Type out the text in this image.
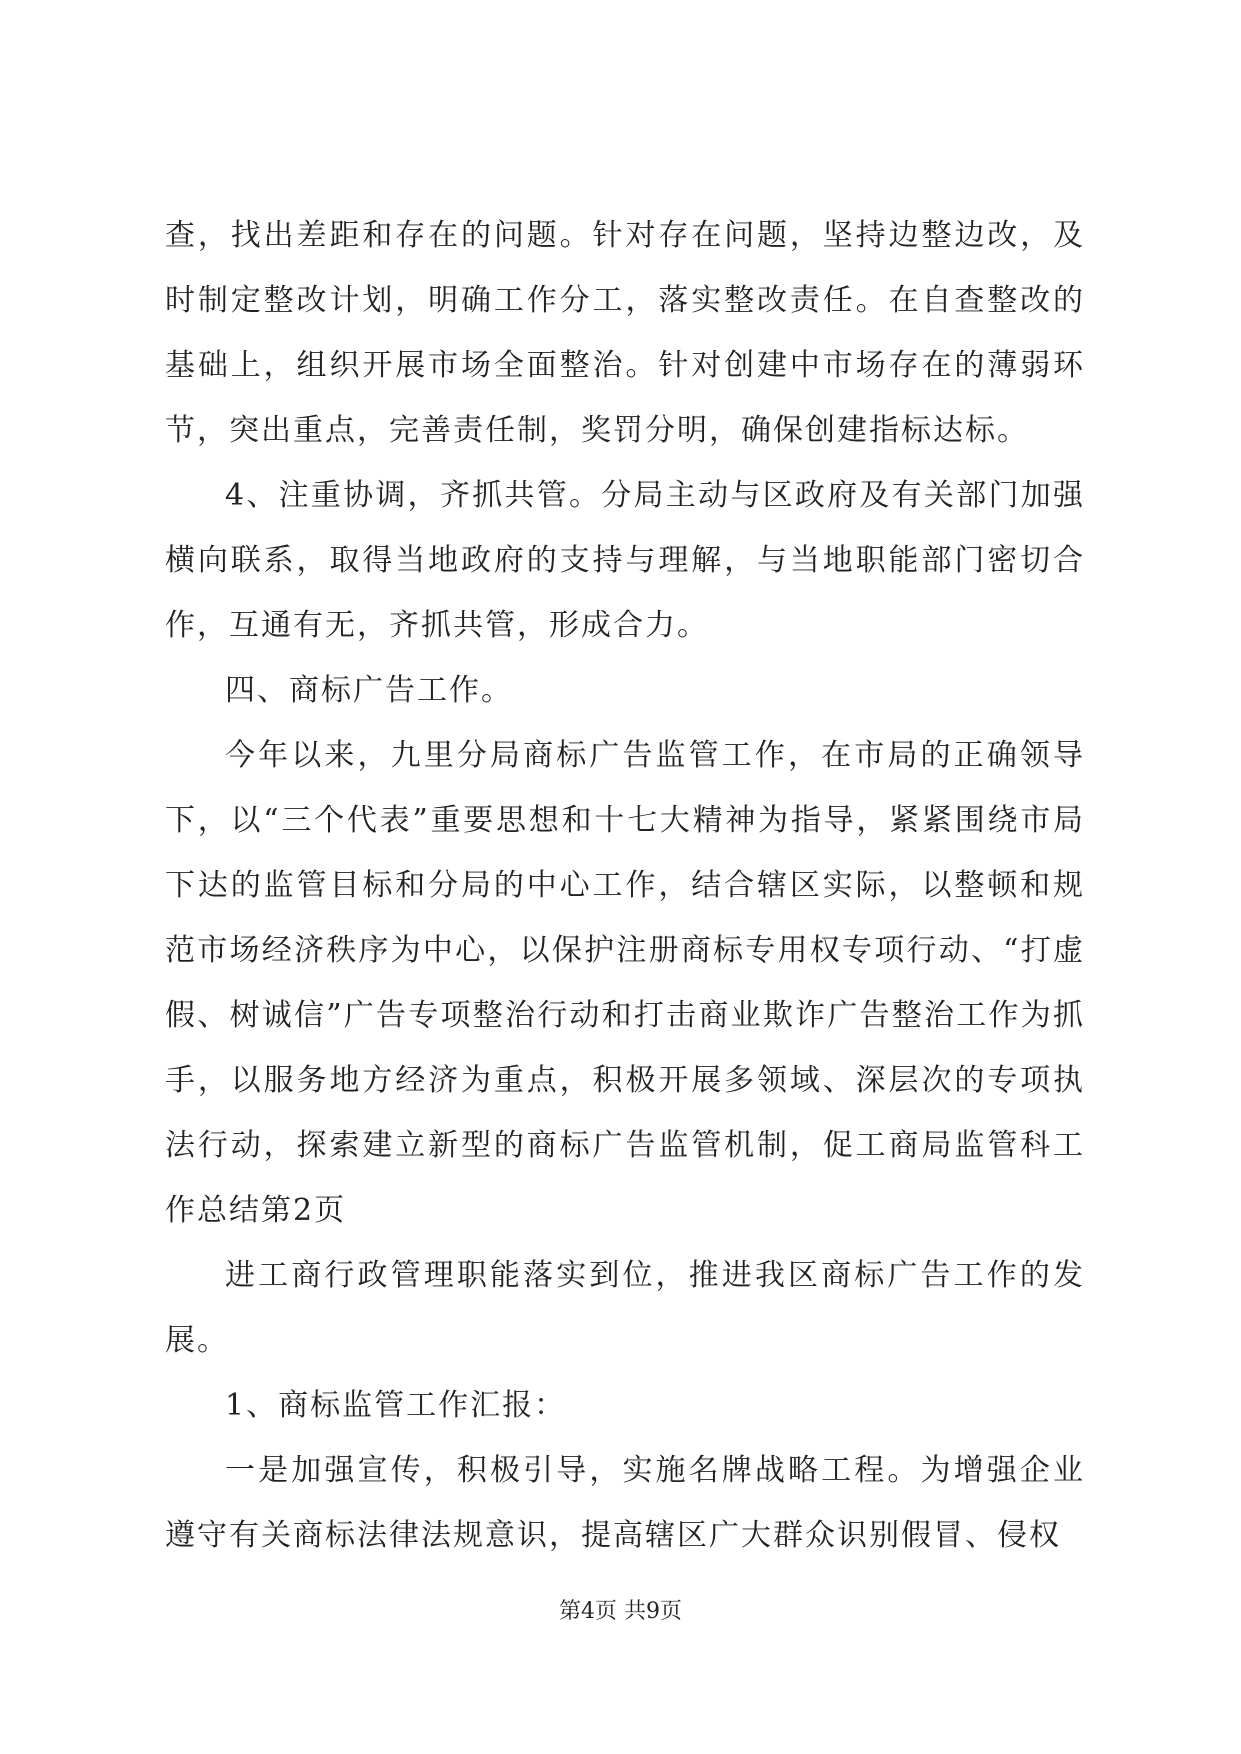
查，找出差距和存在的问题。针对存在问题，坚持边整边改，及时制定整改计划，明确工作分工，落实整改责任。在自查整改的基础上，组织开展市场全面整治。针对创建中市场存在的薄弱环节，突出重点，完善责任制，奖罚分明，确保创建指标达标。

4、注重协调，齐抓共管。分局主动与区政府及有关部门加强横向联系，取得当地政府的支持与理解，与当地职能部门密切合作，互通有无，齐抓共管，形成合力。

四、商标广告工作。

今年以来，九里分局商标广告监管工作，在市局的正确领导下，以“三个代表”重要思想和十七大精神为指导，紧紧围绕市局下达的监管目标和分局的中心工作，结合辖区实际，以整顿和规范市场经济秩序为中心，以保护注册商标专用权专项行动、“打虚假、树诚信”广告专项整治行动和打击商业欺诈广告整治工作为抓手，以服务地方经济为重点，积极开展多领域、深层次的专项执法行动，探索建立新型的商标广告监管机制，促工商局监管科工作总结第2页

进工商行政管理职能落实到位，推进我区商标广告工作的发展。

1、商标监管工作汇报：

一是加强宣传，积极引导，实施名牌战略工程。为增强企业遵守有关商标法律法规意识，提高辖区广大群众识别假冒、侵权

第4页 共9页
